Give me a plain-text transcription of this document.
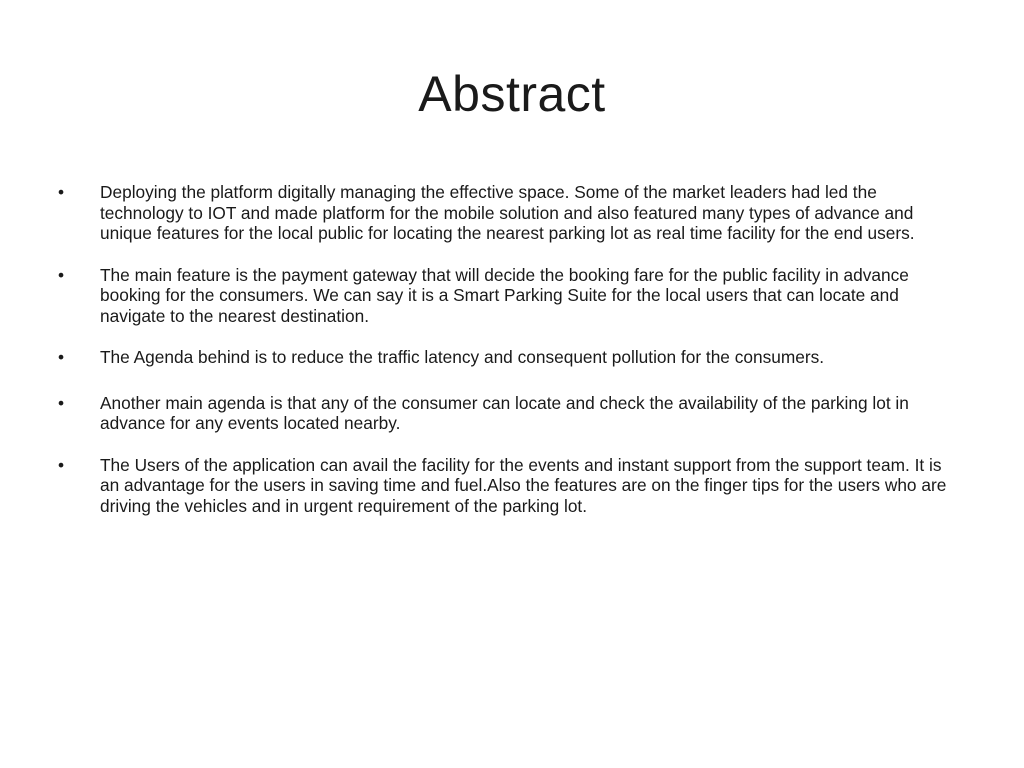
Abstract
•	Deploying the platform digitally managing the effective space. Some of the market leaders had led the technology to IOT and made platform for the mobile solution and also featured many types of advance and unique features for the local public for locating the nearest parking lot as real time facility for the end users.
•	The main feature is the payment gateway that will decide the booking fare for the public facility in advance booking for the consumers. We can say it is a Smart Parking Suite for the local users that can locate and navigate to the nearest destination.
•	The Agenda behind is to reduce the traffic latency and consequent pollution for the consumers.
•	Another main agenda is that any of the consumer can locate and check the availability of the parking lot in advance for any events located nearby.
•	The Users of the application can avail the facility for the events and instant support from the support team. It is an advantage for the users in saving time and fuel.Also the features are on the finger tips for the users who are driving the vehicles and in urgent requirement of the parking lot.
